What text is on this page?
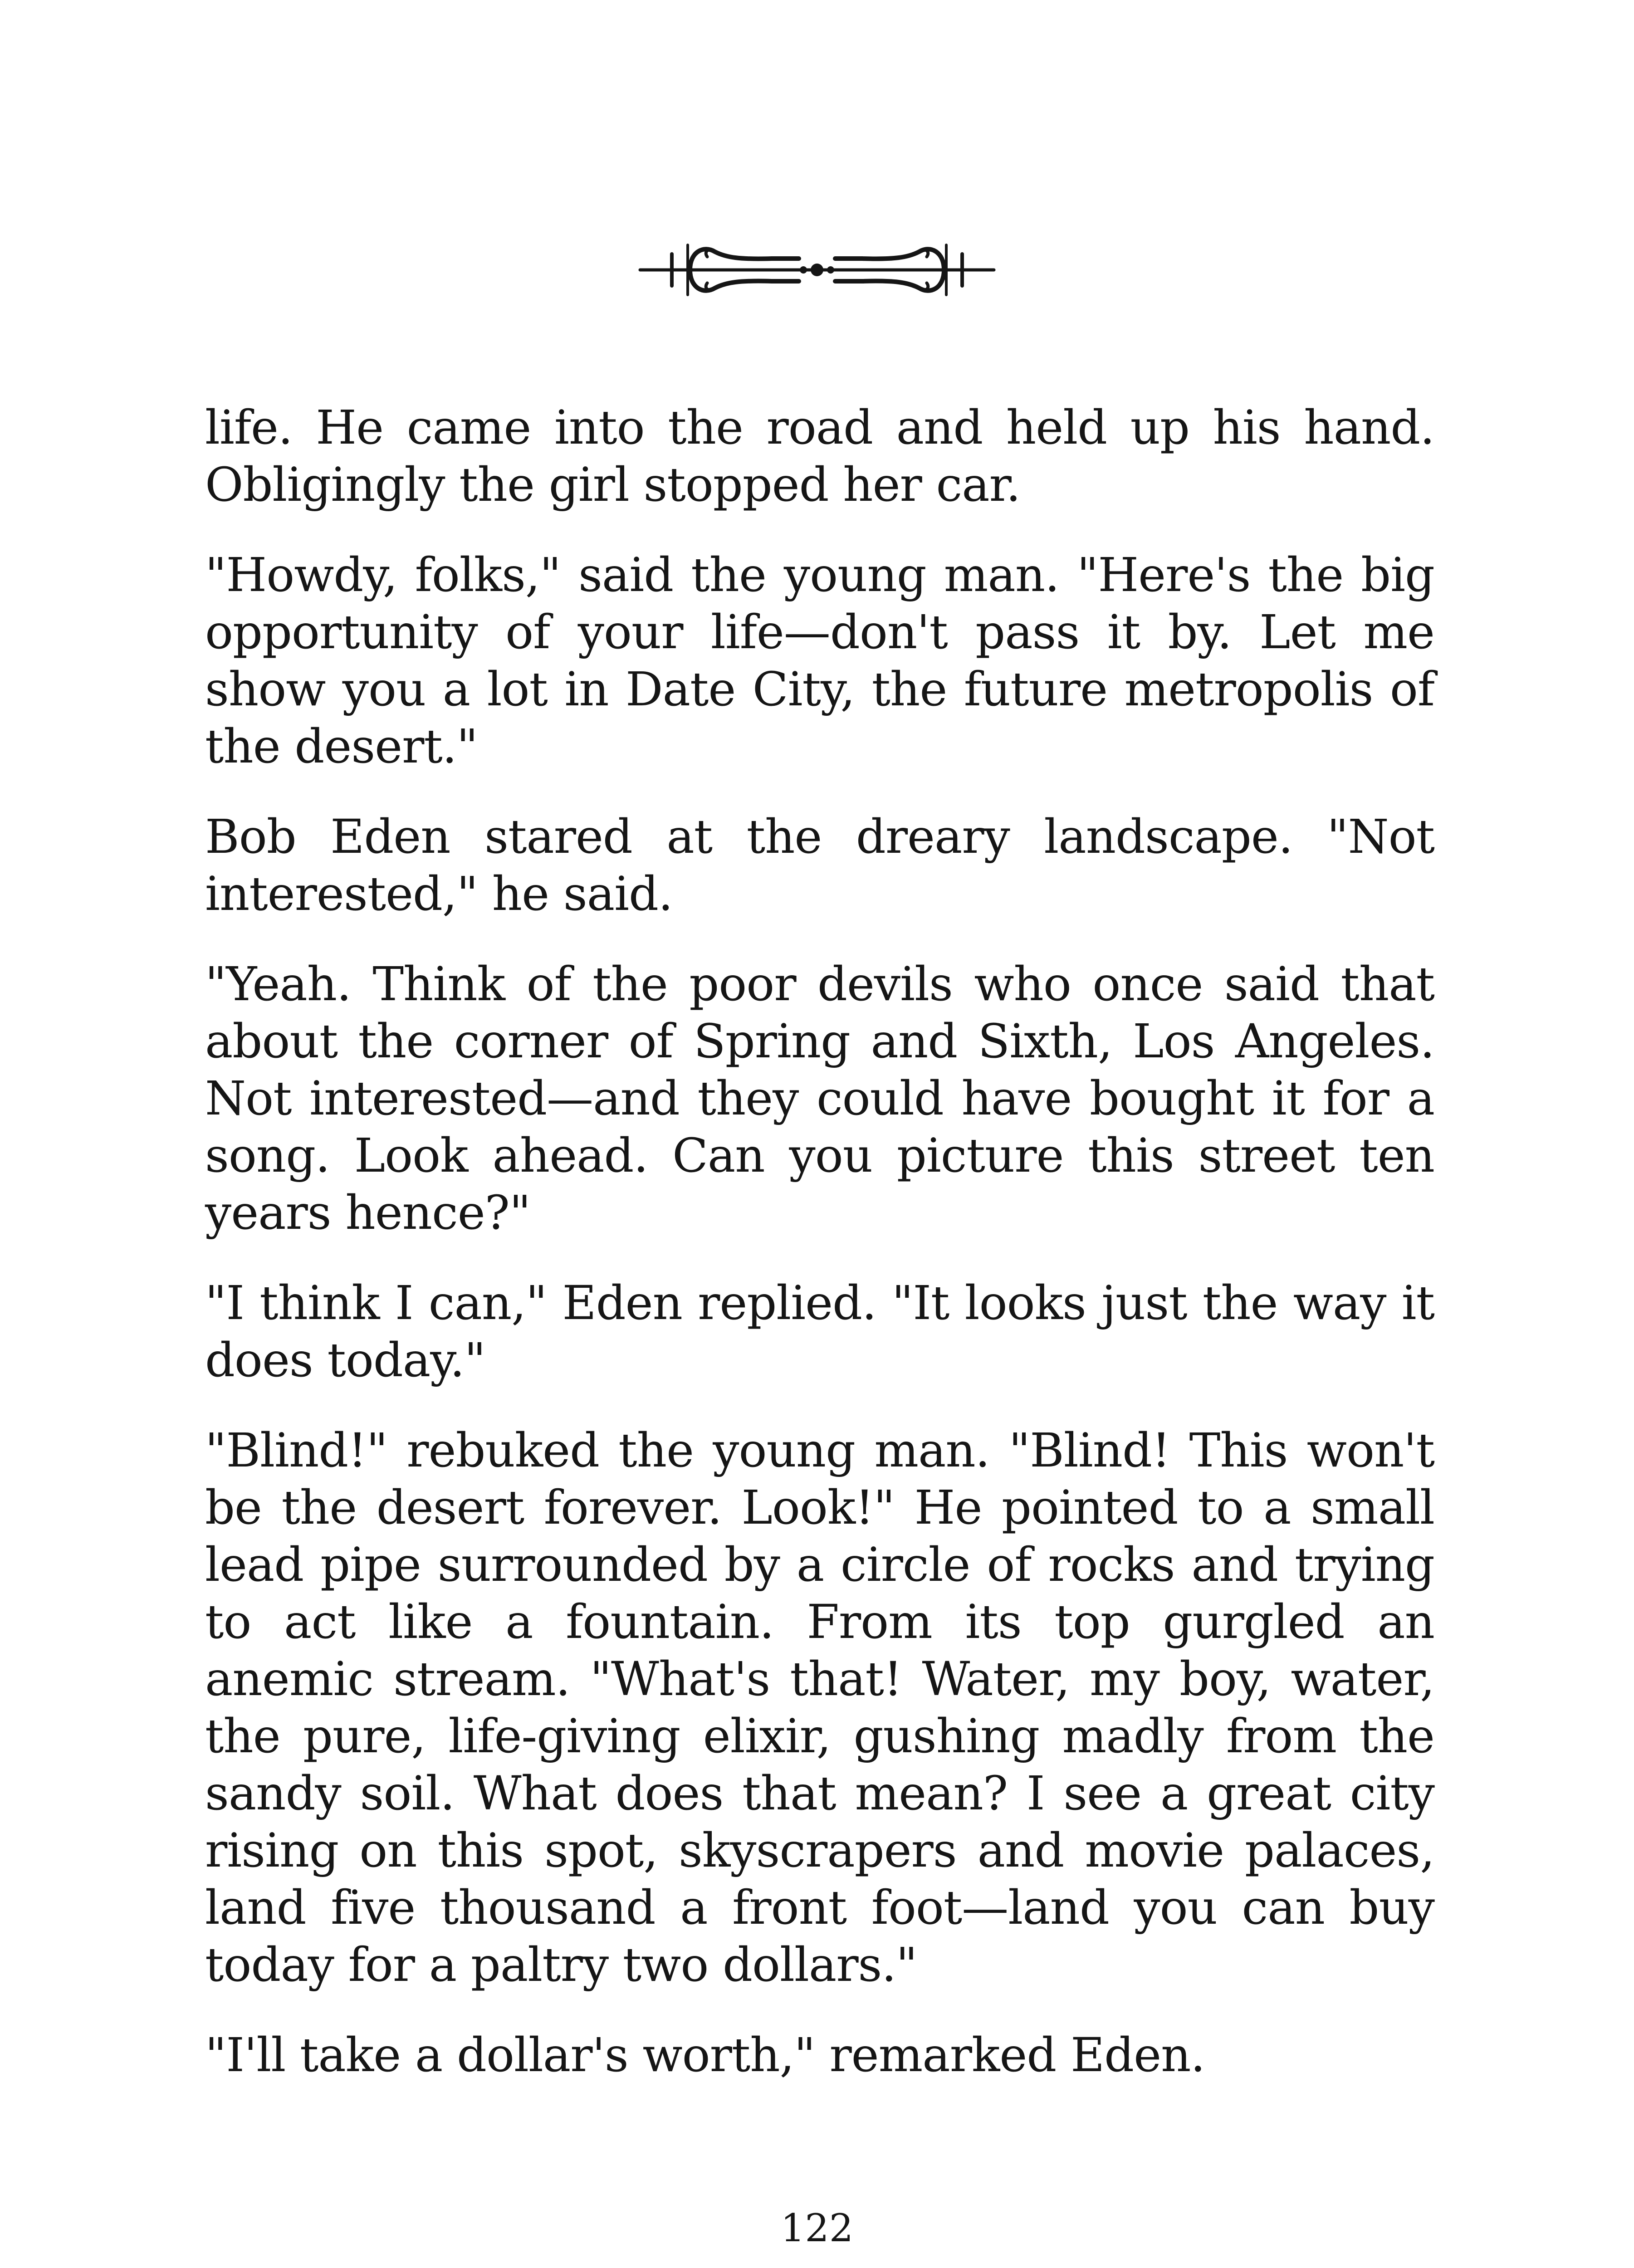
life. He came into the road and held up his hand. Obligingly the girl stopped her car.

"Howdy, folks," said the young man. "Here's the big opportunity of your life—don't pass it by. Let me show you a lot in Date City, the future metropolis of the desert."

Bob Eden stared at the dreary landscape. "Not interested," he said.

"Yeah. Think of the poor devils who once said that about the corner of Spring and Sixth, Los Angeles. Not interested—and they could have bought it for a song. Look ahead. Can you picture this street ten years hence?"

"I think I can," Eden replied. "It looks just the way it does today."

"Blind!" rebuked the young man. "Blind! This won't be the desert forever. Look!" He pointed to a small lead pipe surrounded by a circle of rocks and trying to act like a fountain. From its top gurgled an anemic stream. "What's that! Water, my boy, water, the pure, life-giving elixir, gushing madly from the sandy soil. What does that mean? I see a great city rising on this spot, skyscrapers and movie palaces, land five thousand a front foot—land you can buy today for a paltry two dollars."

"I'll take a dollar's worth," remarked Eden.

122
